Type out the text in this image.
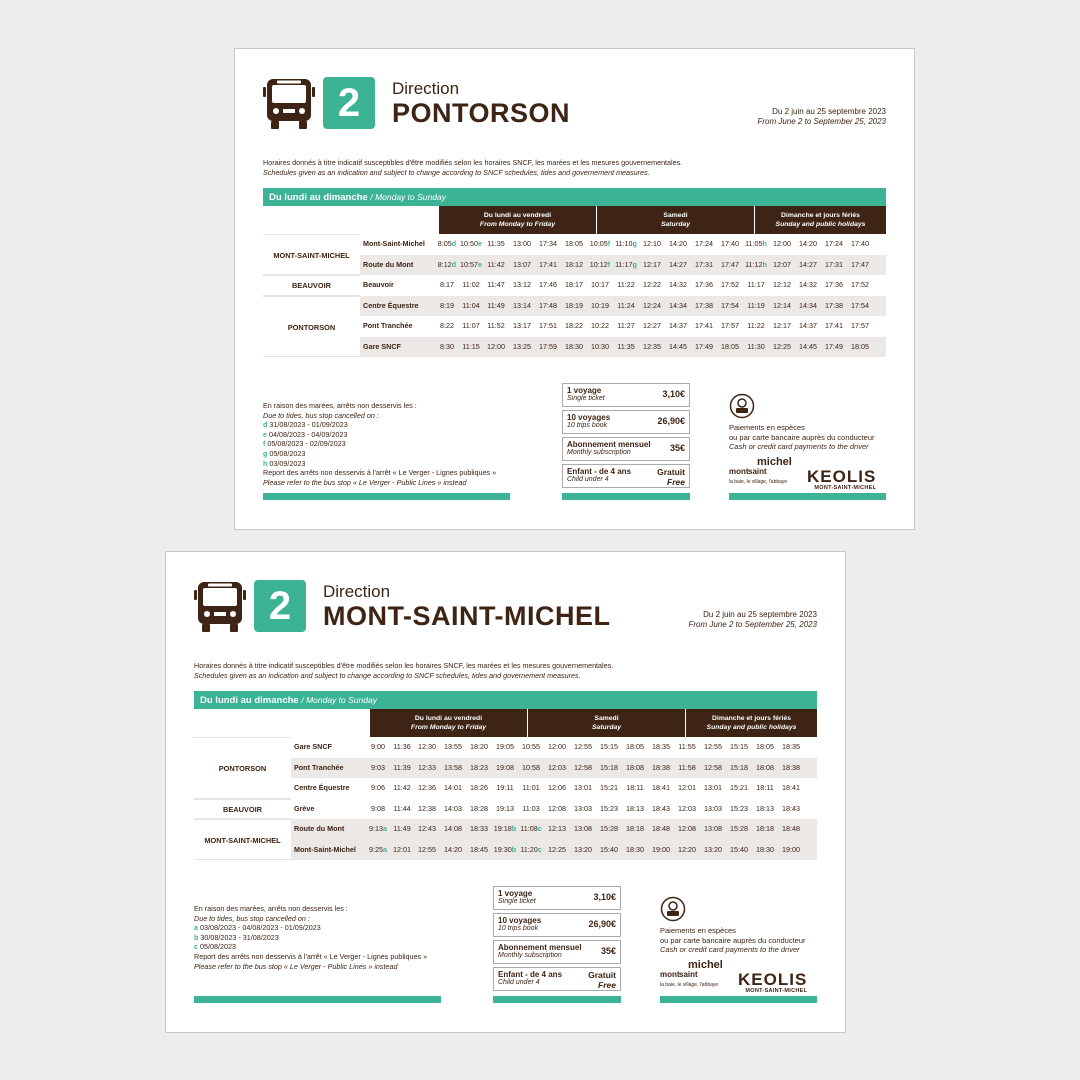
2	Direction
PONTORSON	Du 2 juin au 25 septembre 2023
From June 2 to September 25, 2023
Horaires donnés à titre indicatif susceptibles d'être modifiés selon les horaires SNCF, les marées et les mesures gouvernementales.
Schedules given as an indication and subject to change according to SNCF schedules, tides and governement measures.
Du lundi au dimanche / Monday to Sunday
Du lundi au vendredi
From Monday to Friday
Samedi
Saturday
Dimanche et jours fériés
Sunday and public holidays
MONT-SAINT-MICHEL
BEAUVOIR
PONTORSON
Mont-Saint-Michel	8:05d 10:50e 11:35	13:00	17:34	18:05 10:05f 11:10g 12:10	14:20	17:24	17:40 11:05h 12:00	14:20	17:24	17:40
Route du Mont	8:12d 10:57e 11:42	13:07	17:41	18:12 10:12f 11:17g 12:17	14:27	17:31	17:47 11:12h 12:07	14:27	17:31	17:47
Beauvoir	8:17	11:02	11:47	13:12	17:46	18:17	10:17	11:22	12:22	14:32	17:36	17:52	11:17	12:12	14:32	17:36	17:52
Centre Équestre	8:19	11:04	11:49	13:14	17:48	18:19	10:19	11:24	12:24	14:34	17:38	17:54	11:19	12:14	14:34	17:38	17:54
Pont Tranchée	8:22	11:07	11:52	13:17	17:51	18:22	10:22	11:27	12:27	14:37	17:41	17:57	11:22	12:17	14:37	17:41	17:57
Gare SNCF	8:30	11:15	12:00	13:25	17:59	18:30	10:30	11:35	12:35	14:45	17:49	18:05	11:30	12:25	14:45	17:49	18:05
En raison des marées, arrêts non desservis les :
Due to tides, bus stop cancelled on :
d 31/08/2023 - 01/09/2023
e 04/08/2023 - 04/09/2023
f 05/08/2023 - 02/09/2023
g 05/08/2023
h 03/09/2023
Report des arrêts non desservis à l'arrêt « Le Verger - Lignes publiques »
Please refer to the bus stop « Le Verger - Public Lines » instead
1 voyage
Single ticket	3,10€
10 voyages
10 trips book	26,90€
Abonnement mensuel
Monthly subscription	35€
Enfant - de 4 ans
Child under 4
Gratuit
Free
Paiements en espèces
ou par carte bancaire auprès du conducteur
Cash or credit card payments to the driver
mont saint
michel
la baie, le village, l'abbaye KEOLIS
MONT-SAINT-MICHEL
2	Direction
MONT-SAINT-MICHEL	Du 2 juin au 25 septembre 2023
From June 2 to September 25, 2023
Horaires donnés à titre indicatif susceptibles d'être modifiés selon les horaires SNCF, les marées et les mesures gouvernementales.
Schedules given as an indication and subject to change according to SNCF schedules, tides and governement measures.
Du lundi au dimanche / Monday to Sunday
Du lundi au vendredi
From Monday to Friday
Samedi
Saturday
Dimanche et jours fériés
Sunday and public holidays
PONTORSON
BEAUVOIR
MONT-SAINT-MICHEL
Gare SNCF	9:00	11:36	12:30	13:55	18:20	19:05	10:55	12:00	12:55	15:15	18:05	18:35	11:55	12:55	15:15	18:05	18:35
Pont Tranchée	9:03	11:39	12:33	13:58	18:23	19:08	10:58	12:03	12:58	15:18	18:08	18:38	11:58	12:58	15:18	18:08	18:38
Centre Équestre	9:06	11:42	12:36	14:01	18:26	19:11	11:01	12:06	13:01	15:21	18:11	18:41	12:01	13:01	15:21	18:11	18:41
Grève	9:08	11:44	12:38	14:03	18:28	19:13	11:03	12:08	13:03	15:23	18:13	18:43	12:03	13:03	15:23	18:13	18:43
Route du Mont	9:13a 11:49	12:43	14:08	18:33 19:18b 11:08c 12:13	13:08	15:28	18:18	18:48	12:08	13:08	15:28	18:18	18:48
Mont-Saint-Michel	9:25a 12:01 12:55	14:20	18:45 19:30b 11:20c 12:25	13:20	15:40	18:30	19:00	12:20	13:20	15:40	18:30	19:00
En raison des marées, arrêts non desservis les :
Due to tides, bus stop cancelled on :
a 03/08/2023 - 04/08/2023 - 01/09/2023
b 30/08/2023 - 31/08/2023
c 05/08/2023
Report des arrêts non desservis à l'arrêt « Le Verger - Lignes publiques »
Please refer to the bus stop « Le Verger - Public Lines » instead
1 voyage
Single ticket	3,10€
10 voyages
10 trips book	26,90€
Abonnement mensuel
Monthly subscription	35€
Enfant - de 4 ans
Child under 4
Gratuit
Free
Paiements en espèces
ou par carte bancaire auprès du conducteur
Cash or credit card payments to the driver
mont saint
michel
la baie, le village, l'abbaye KEOLIS
MONT-SAINT-MICHEL
